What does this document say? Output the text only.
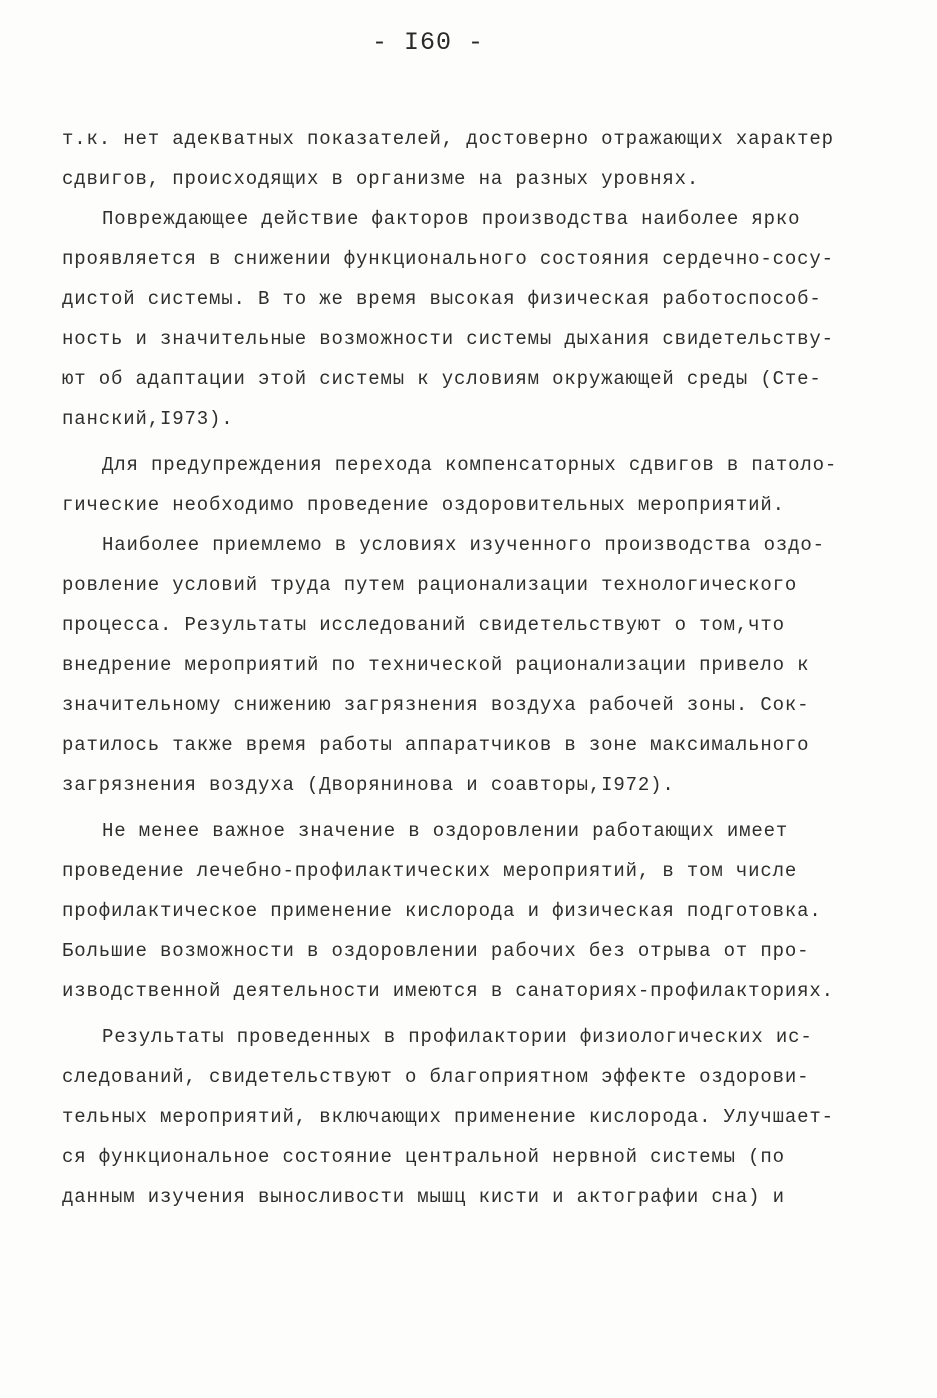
- I60 -
т.к. нет адекватных показателей, достоверно отражающих характер
сдвигов, происходящих в организме на разных уровнях.
Повреждающее действие факторов производства наиболее ярко
проявляется в снижении функционального состояния сердечно-сосу-
дистой системы. В то же время высокая физическая работоспособ-
ность и значительные возможности системы дыхания свидетельству-
ют об адаптации этой системы к условиям окружающей среды (Сте-
панский,I973).
Для предупреждения перехода компенсаторных сдвигов в патоло-
гические необходимо проведение оздоровительных мероприятий.
Наиболее приемлемо в условиях изученного производства оздо-
ровление условий труда путем рационализации технологического
процесса. Результаты исследований свидетельствуют о том,что
внедрение мероприятий по технической рационализации привело к
значительному снижению загрязнения воздуха рабочей зоны. Сок-
ратилось также время работы аппаратчиков в зоне максимального
загрязнения воздуха (Дворянинова и соавторы,I972).
Не менее важное значение в оздоровлении работающих имеет
проведение лечебно-профилактических мероприятий, в том числе
профилактическое применение кислорода и физическая подготовка.
Большие возможности в оздоровлении рабочих без отрыва от про-
изводственной деятельности имеются в санаториях-профилакториях.
Результаты проведенных в профилактории физиологических ис-
следований, свидетельствуют о благоприятном эффекте оздорови-
тельных мероприятий, включающих применение кислорода. Улучшает-
ся функциональное состояние центральной нервной системы (по
данным изучения выносливости мышц кисти и актографии сна) и
